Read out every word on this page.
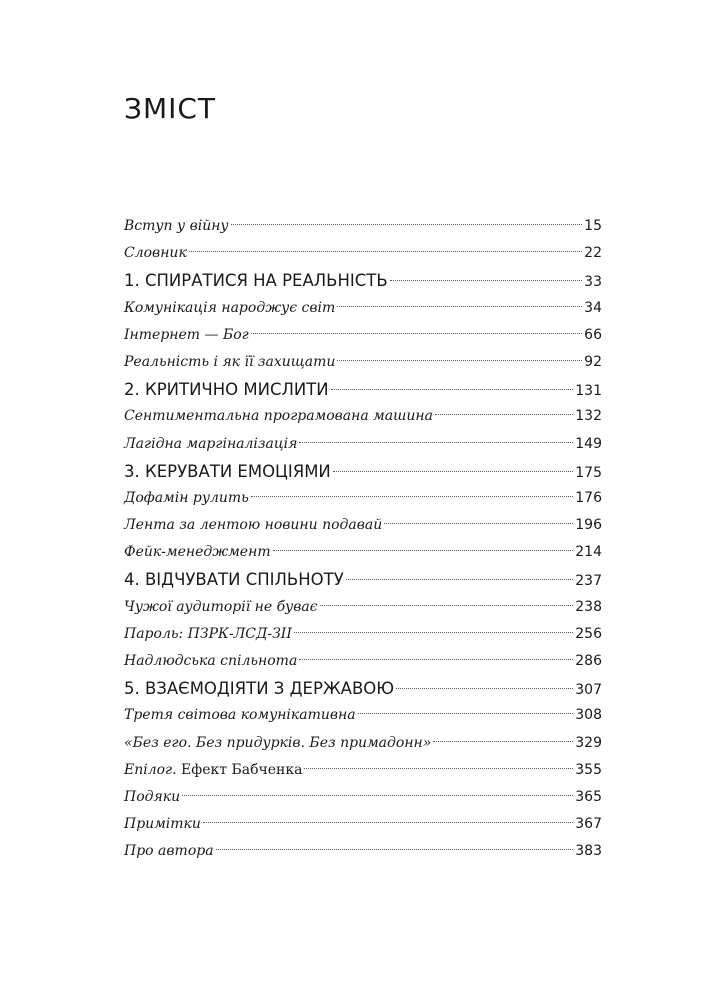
ЗМІСТ
Вступ у війну	15
Словник	22
1. СПИРАТИСЯ НА РЕАЛЬНІСТЬ	33
Комунікація народжує світ	34
Інтернет — Бог	66
Реальність і як її захищати	92
2. КРИТИЧНО МИСЛИТИ	131
Сентиментальна програмована машина	132
Лагідна маргіналізація	149
3. КЕРУВАТИ ЕМОЦІЯМИ	175
Дофамін рулить	176
Лента за лентою новини подавай	196
Фейк-менеджмент	214
4. ВІДЧУВАТИ СПІЛЬНОТУ	237
Чужої аудиторії не буває	238
Пароль: ПЗРК-ЛСД-ЗІІ	256
Надлюдська спільнота	286
5. ВЗАЄМОДІЯТИ З ДЕРЖАВОЮ	307
Третя світова комунікативна	308
«Без его. Без придурків. Без примадонн»	329
Епілог. Ефект Бабченка	355
Подяки	365
Примітки	367
Про автора	383
